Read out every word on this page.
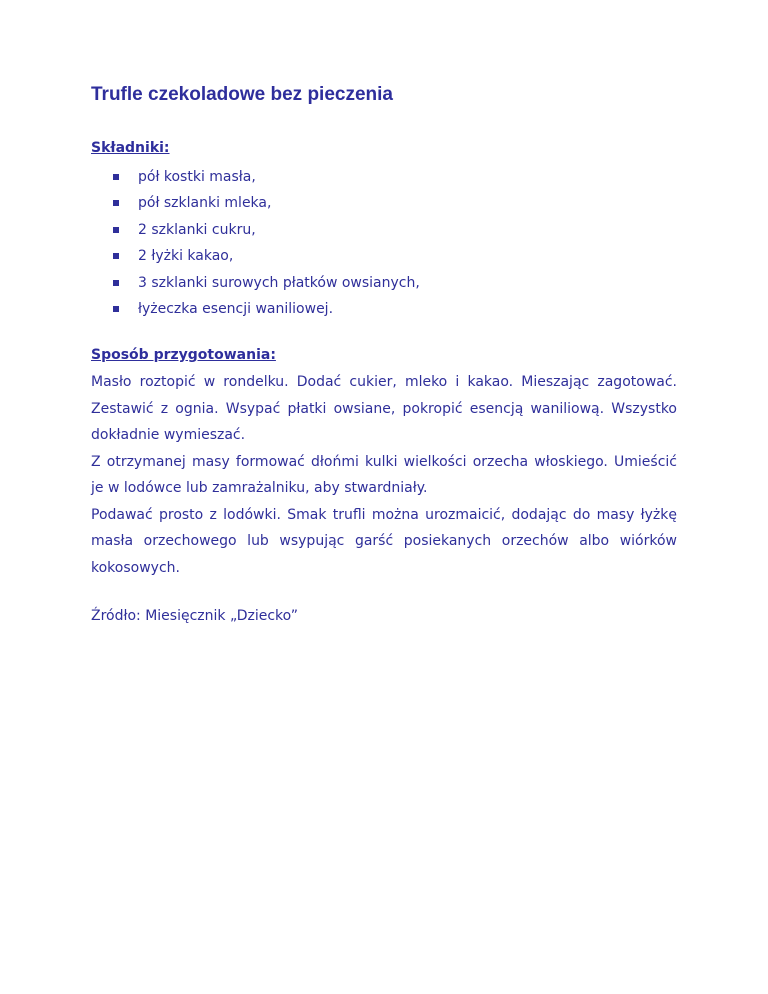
Trufle czekoladowe bez pieczenia
Składniki:
pół kostki masła,
pół szklanki mleka,
2 szklanki cukru,
2 łyżki kakao,
3 szklanki surowych płatków owsianych,
łyżeczka esencji waniliowej.
Sposób przygotowania:

Masło roztopić w rondelku. Dodać cukier, mleko i kakao. Mieszając zagotować. Zestawić z ognia. Wsypać płatki owsiane, pokropić esencją waniliową. Wszystko dokładnie wymieszać.

Z otrzymanej masy formować dłońmi kulki wielkości orzecha włoskiego. Umieścić je w lodówce lub zamrażalniku, aby stwardniały.

Podawać prosto z lodówki. Smak trufli można urozmaicić, dodając do masy łyżkę masła orzechowego lub wsypując garść posiekanych orzechów albo wiórków kokosowych.

Źródło: Miesięcznik „Dziecko”
